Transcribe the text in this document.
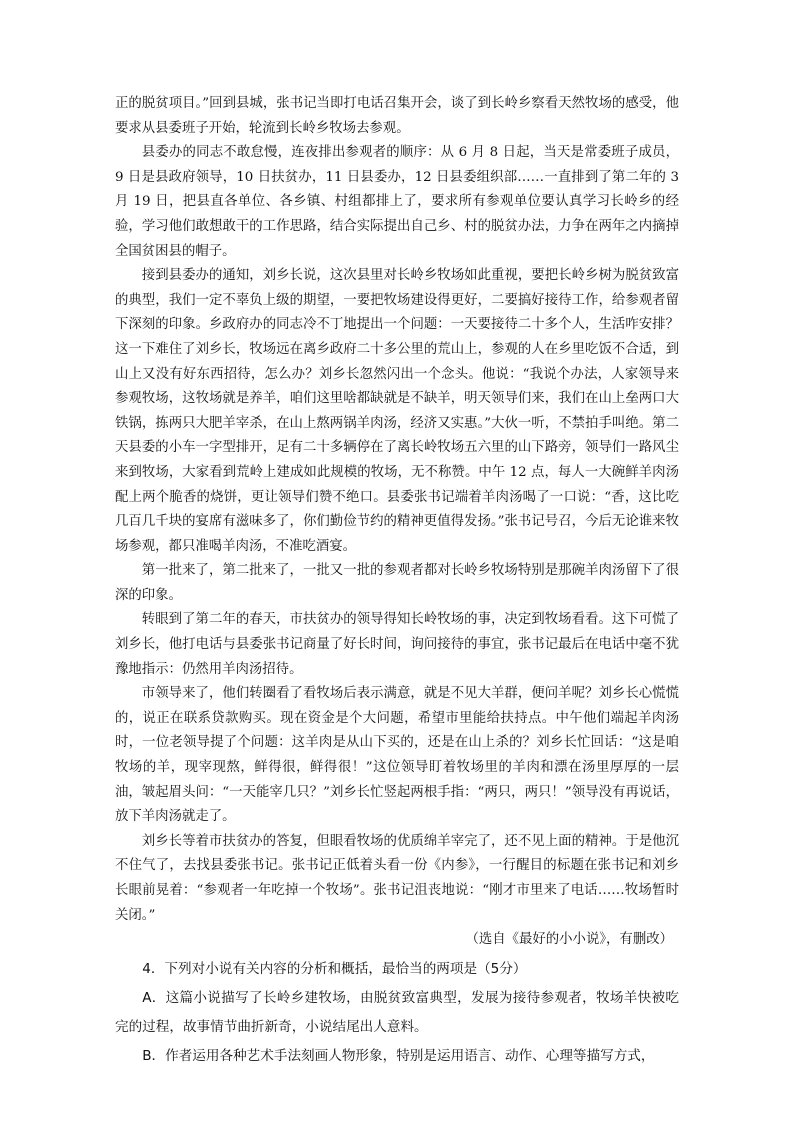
正的脱贫项目。”回到县城，张书记当即打电话召集开会，谈了到长岭乡察看天然牧场的感受，他要求从县委班子开始，轮流到长岭乡牧场去参观。

县委办的同志不敢怠慢，连夜排出参观者的顺序：从 6 月 8 日起，当天是常委班子成员，9 日是县政府领导，10 日扶贫办，11 日县委办，12 日县委组织部……一直排到了第二年的 3 月 19 日，把县直各单位、各乡镇、村组都排上了，要求所有参观单位要认真学习长岭乡的经验，学习他们敢想敢干的工作思路，结合实际提出自己乡、村的脱贫办法，力争在两年之内摘掉全国贫困县的帽子。

接到县委办的通知，刘乡长说，这次县里对长岭乡牧场如此重视，要把长岭乡树为脱贫致富的典型，我们一定不辜负上级的期望，一要把牧场建设得更好，二要搞好接待工作，给参观者留下深刻的印象。乡政府办的同志冷不丁地提出一个问题：一天要接待二十多个人，生活咋安排？这一下难住了刘乡长，牧场远在离乡政府二十多公里的荒山上，参观的人在乡里吃饭不合适，到山上又没有好东西招待，怎么办？刘乡长忽然闪出一个念头。他说：“我说个办法，人家领导来参观牧场，这牧场就是养羊，咱们这里啥都缺就是不缺羊，明天领导们来，我们在山上垒两口大铁锅，拣两只大肥羊宰杀，在山上熬两锅羊肉汤，经济又实惠。”大伙一听，不禁拍手叫绝。第二天县委的小车一字型排开，足有二十多辆停在了离长岭牧场五六里的山下路旁，领导们一路风尘来到牧场，大家看到荒岭上建成如此规模的牧场，无不称赞。中午 12 点，每人一大碗鲜羊肉汤配上两个脆香的烧饼，更让领导们赞不绝口。县委张书记端着羊肉汤喝了一口说：“香，这比吃几百几千块的宴席有滋味多了，你们勤俭节约的精神更值得发扬。”张书记号召，今后无论谁来牧场参观，都只准喝羊肉汤，不准吃酒宴。

第一批来了，第二批来了，一批又一批的参观者都对长岭乡牧场特别是那碗羊肉汤留下了很深的印象。

转眼到了第二年的春天，市扶贫办的领导得知长岭牧场的事，决定到牧场看看。这下可慌了刘乡长，他打电话与县委张书记商量了好长时间，询问接待的事宜，张书记最后在电话中毫不犹豫地指示：仍然用羊肉汤招待。

市领导来了，他们转圈看了看牧场后表示满意，就是不见大羊群，便问羊呢？刘乡长心慌慌的，说正在联系贷款购买。现在资金是个大问题，希望市里能给扶持点。中午他们端起羊肉汤时，一位老领导提了个问题：这羊肉是从山下买的，还是在山上杀的？刘乡长忙回话：“这是咱牧场的羊，现宰现熬，鲜得很，鲜得很！”这位领导盯着牧场里的羊肉和漂在汤里厚厚的一层油，皱起眉头问：“一天能宰几只？”刘乡长忙竖起两根手指：“两只，两只！”领导没有再说话，放下羊肉汤就走了。

刘乡长等着市扶贫办的答复，但眼看牧场的优质绵羊宰完了，还不见上面的精神。于是他沉不住气了，去找县委张书记。张书记正低着头看一份《内参》，一行醒目的标题在张书记和刘乡长眼前晃着：“参观者一年吃掉一个牧场”。张书记沮丧地说：“刚才市里来了电话……牧场暂时关闭。”

（选自《最好的小小说》，有删改）

4．下列对小说有关内容的分析和概括，最恰当的两项是（5分）

A．这篇小说描写了长岭乡建牧场，由脱贫致富典型，发展为接待参观者，牧场羊快被吃完的过程，故事情节曲折新奇，小说结尾出人意料。

B．作者运用各种艺术手法刻画人物形象，特别是运用语言、动作、心理等描写方式，
